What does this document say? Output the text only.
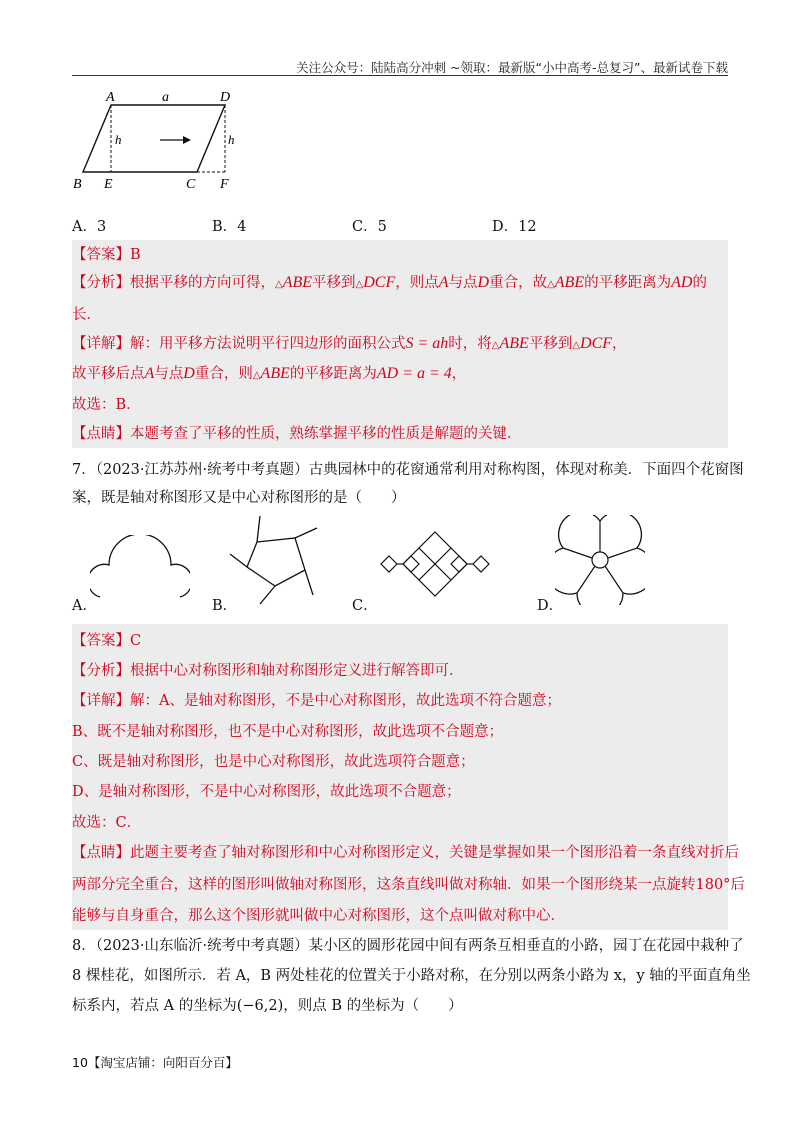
关注公众号：陆陆高分冲刺 ~领取：最新版“小中高考-总复习”、最新试卷下载
A	a	D
h	h
B E	C F
A．3	B．4	C．5	D．12
【答案】B
【分析】根据平移的方向可得，△ABE平移到△DCF，则点A与点D重合，故△ABE的平移距离为AD的
长．
【详解】解：用平移方法说明平行四边形的面积公式S = ah时，将△ABE平移到△DCF，
故平移后点A与点D重合，则△ABE的平移距离为AD = a = 4，
故选：B．
【点睛】本题考查了平移的性质，熟练掌握平移的性质是解题的关键．
7．（2023·江苏苏州·统考中考真题）古典园林中的花窗通常利用对称构图，体现对称美．下面四个花窗图
案，既是轴对称图形又是中心对称图形的是（　　）
A．	B．	C．	D．
【答案】C
【分析】根据中心对称图形和轴对称图形定义进行解答即可．
【详解】解：A、是轴对称图形，不是中心对称图形，故此选项不符合题意；
B、既不是轴对称图形，也不是中心对称图形，故此选项不合题意；
C、既是轴对称图形，也是中心对称图形，故此选项符合题意；
D、是轴对称图形，不是中心对称图形，故此选项不合题意；
故选：C．
【点睛】此题主要考查了轴对称图形和中心对称图形定义，关键是掌握如果一个图形沿着一条直线对折后
两部分完全重合，这样的图形叫做轴对称图形，这条直线叫做对称轴．如果一个图形绕某一点旋转180°后
能够与自身重合，那么这个图形就叫做中心对称图形，这个点叫做对称中心．
8．（2023·山东临沂·统考中考真题）某小区的圆形花园中间有两条互相垂直的小路，园丁在花园中栽种了
8 棵桂花，如图所示．若 A，B 两处桂花的位置关于小路对称，在分别以两条小路为 x，y 轴的平面直角坐
标系内，若点 A 的坐标为(−6,2)，则点 B 的坐标为（　　）
10【淘宝店铺：向阳百分百】
